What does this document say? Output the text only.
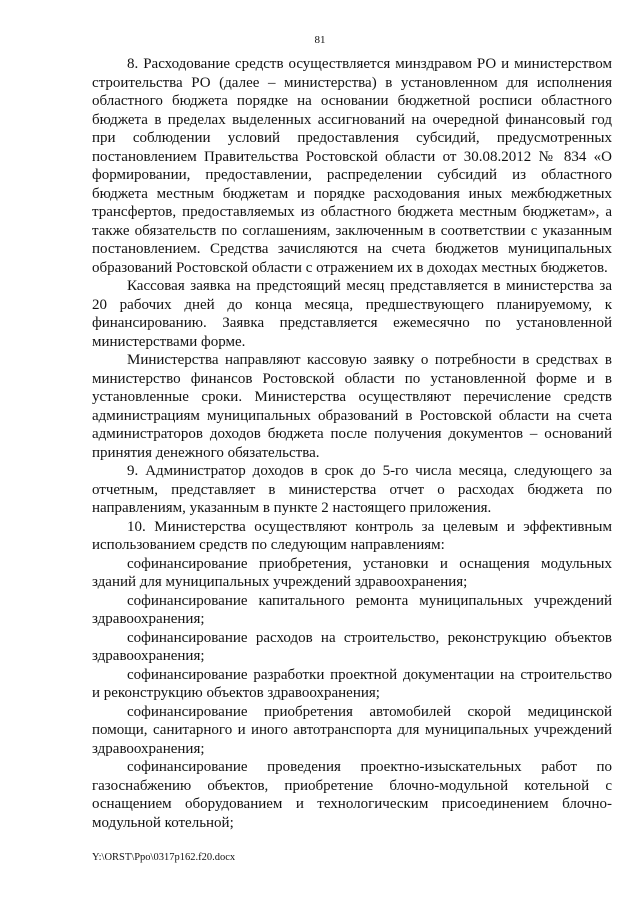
81

8. Расходование средств осуществляется минздравом РО и министерством строительства РО (далее – министерства) в установленном для исполнения областного бюджета порядке на основании бюджетной росписи областного бюджета в пределах выделенных ассигнований на очередной финансовый год при соблюдении условий предоставления субсидий, предусмотренных постановлением Правительства Ростовской области от 30.08.2012 № 834 «О формировании, предоставлении, распределении субсидий из областного бюджета местным бюджетам и порядке расходования иных межбюджетных трансфертов, предоставляемых из областного бюджета местным бюджетам», а также обязательств по соглашениям, заключенным в соответствии с указанным постановлением. Средства зачисляются на счета бюджетов муниципальных образований Ростовской области с отражением их в доходах местных бюджетов.

Кассовая заявка на предстоящий месяц представляется в министерства за 20 рабочих дней до конца месяца, предшествующего планируемому, к финансированию. Заявка представляется ежемесячно по установленной министерствами форме.

Министерства направляют кассовую заявку о потребности в средствах в министерство финансов Ростовской области по установленной форме и в установленные сроки. Министерства осуществляют перечисление средств администрациям муниципальных образований в Ростовской области на счета администраторов доходов бюджета после получения документов – оснований принятия денежного обязательства.

9. Администратор доходов в срок до 5-го числа месяца, следующего за отчетным, представляет в министерства отчет о расходах бюджета по направлениям, указанным в пункте 2 настоящего приложения.

10. Министерства осуществляют контроль за целевым и эффективным использованием средств по следующим направлениям:

софинансирование приобретения, установки и оснащения модульных зданий для муниципальных учреждений здравоохранения;

софинансирование капитального ремонта муниципальных учреждений здравоохранения;

софинансирование расходов на строительство, реконструкцию объектов здравоохранения;

софинансирование разработки проектной документации на строительство и реконструкцию объектов здравоохранения;

софинансирование приобретения автомобилей скорой медицинской помощи, санитарного и иного автотранспорта для муниципальных учреждений здравоохранения;

софинансирование проведения проектно-изыскательных работ по газоснабжению объектов, приобретение блочно-модульной котельной с оснащением оборудованием и технологическим присоединением блочно-модульной котельной;

Y:\ORST\Ppo\0317p162.f20.docx
